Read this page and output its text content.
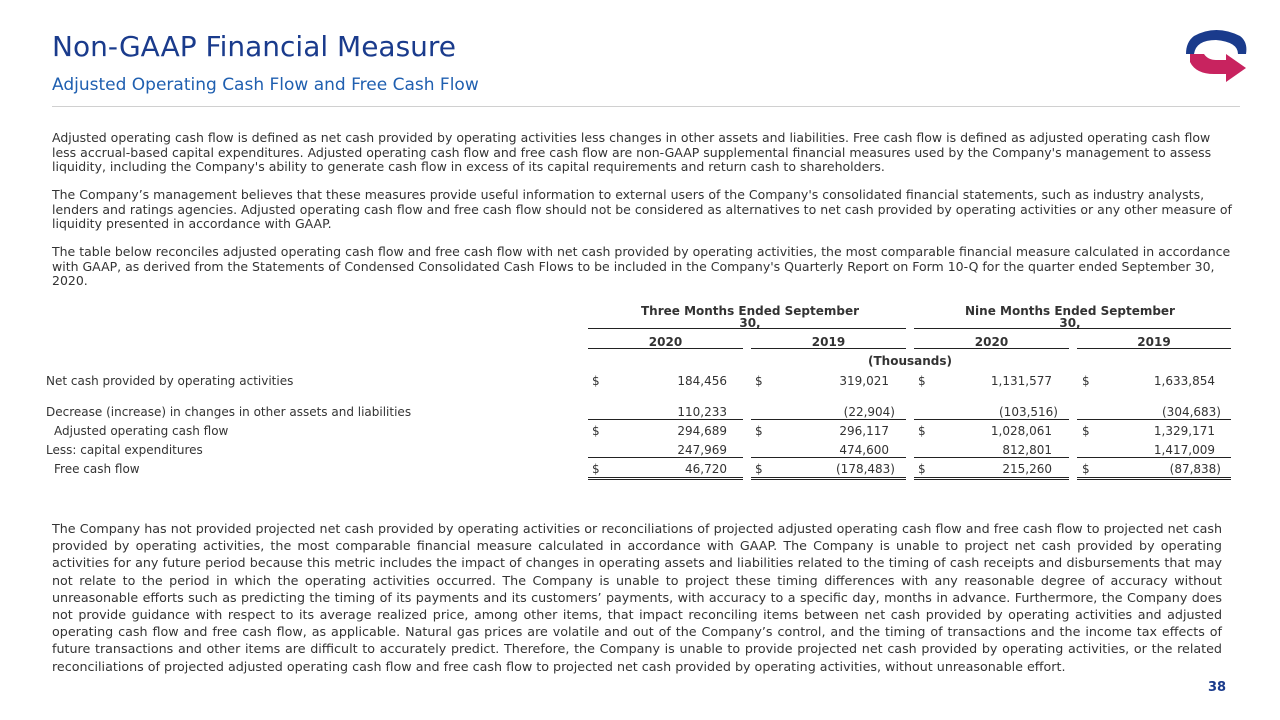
Non-GAAP Financial Measure
Adjusted Operating Cash Flow and Free Cash Flow
Adjusted operating cash flow is defined as net cash provided by operating activities less changes in other assets and liabilities. Free cash flow is defined as adjusted operating cash flow less accrual-based capital expenditures. Adjusted operating cash flow and free cash flow are non-GAAP supplemental financial measures used by the Company's management to assess liquidity, including the Company's ability to generate cash flow in excess of its capital requirements and return cash to shareholders.
The Company’s management believes that these measures provide useful information to external users of the Company's consolidated financial statements, such as industry analysts, lenders and ratings agencies. Adjusted operating cash flow and free cash flow should not be considered as alternatives to net cash provided by operating activities or any other measure of liquidity presented in accordance with GAAP.
The table below reconciles adjusted operating cash flow and free cash flow with net cash provided by operating activities, the most comparable financial measure calculated in accordance with GAAP, as derived from the Statements of Condensed Consolidated Cash Flows to be included in the Company's Quarterly Report on Form 10-Q for the quarter ended September 30, 2020.
Three Months Ended September 30,
Nine Months Ended September 30,
2020	2019	2020	2019
(Thousands)
Net cash provided by operating activities	$	184,456 $	319,021 $	1,131,577	$	1,633,854
Decrease (increase) in changes in other assets and liabilities	110,233	(22,904)	(103,516)	(304,683)
Adjusted operating cash flow	$	294,689 $	296,117 $	1,028,061	$	1,329,171
Less: capital expenditures	247,969	474,600	812,801	1,417,009
Free cash flow	$	46,720 $	(178,483) $	215,260	$	(87,838)
The Company has not provided projected net cash provided by operating activities or reconciliations of projected adjusted operating cash flow and free cash flow to projected net cash provided by operating activities, the most comparable financial measure calculated in accordance with GAAP. The Company is unable to project net cash provided by operating activities for any future period because this metric includes the impact of changes in operating assets and liabilities related to the timing of cash receipts and disbursements that may not relate to the period in which the operating activities occurred. The Company is unable to project these timing differences with any reasonable degree of accuracy without unreasonable efforts such as predicting the timing of its payments and its customers’ payments, with accuracy to a specific day, months in advance. Furthermore, the Company does not provide guidance with respect to its average realized price, among other items, that impact reconciling items between net cash provided by operating activities and adjusted operating cash flow and free cash flow, as applicable. Natural gas prices are volatile and out of the Company’s control, and the timing of transactions and the income tax effects of future transactions and other items are difficult to accurately predict. Therefore, the Company is unable to provide projected net cash provided by operating activities, or the related reconciliations of projected adjusted operating cash flow and free cash flow to projected net cash provided by operating activities, without unreasonable effort.
38
